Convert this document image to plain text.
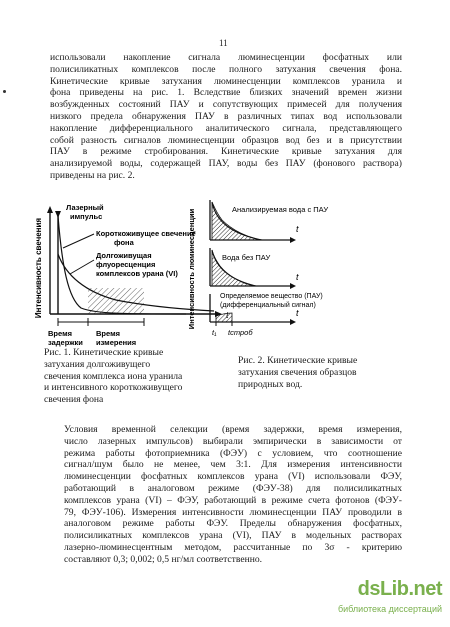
11

использовали накопление сигнала люминесценции фосфатных или
полисиликатных комплексов после полного затухания свечения фона.
Кинетические кривые затухания люминесценции комплексов уранила и
фона приведены на рис. 1. Вследствие близких значений времен жизни
возбужденных состояний ПАУ и сопутствующих примесей для получения
низкого предела обнаружения ПАУ в различных типах вод использовали
накопление дифференциального аналитического сигнала, представляющего
собой разность сигналов люминесценции образцов вод без и в присутствии
ПАУ в режиме стробирования. Кинетические кривые затухания для
анализируемой воды, содержащей ПАУ, воды без ПАУ (фонового раствора)
приведены на рис. 2.

Интенсивность свечения
Лазерный
импульс
Короткоживущее свечение
фона
Долгоживущая
флуоресценция
комплексов урана (VI)
Время
задержки
Время
измерения

Рис. 1. Кинетические кривые
затухания долгоживущего
свечения комплекса иона уранила
и интенсивного короткоживущего
свечения фона

Интенсивность люминесценции	t
Анализируемая вода с ПАУ
t
Вода без ПАУ
t
Определяемое вещество (ПАУ)
(дифференциальный сигнал)
t₁ tстроб

Рис. 2. Кинетические кривые
затухания свечения образцов
природных вод.

Условия временной селекции (время задержки, время измерения,
число лазерных импульсов) выбирали эмпирически в зависимости от
режима работы фотоприемника (ФЭУ) с условием, что соотношение
сигнал/шум было не менее, чем 3:1. Для измерения интенсивности
люминесценции фосфатных комплексов урана (VI) использовали ФЭУ,
работающий в аналоговом режиме (ФЭУ-38) для полисиликатных
комплексов урана (VI) – ФЭУ, работающий в режиме счета фотонов (ФЭУ-
79, ФЭУ-106). Измерения интенсивности люминесценции ПАУ проводили в
аналоговом режиме работы ФЭУ. Пределы обнаружения фосфатных,
полисиликатных комплексов урана (VI), ПАУ в модельных растворах
лазерно-люминесцентным методом, рассчитанные по 3σ - критерию
составляют 0,3; 0,002; 0,5 нг/мл соответственно.

dsLib.net
библиотека диссертаций
